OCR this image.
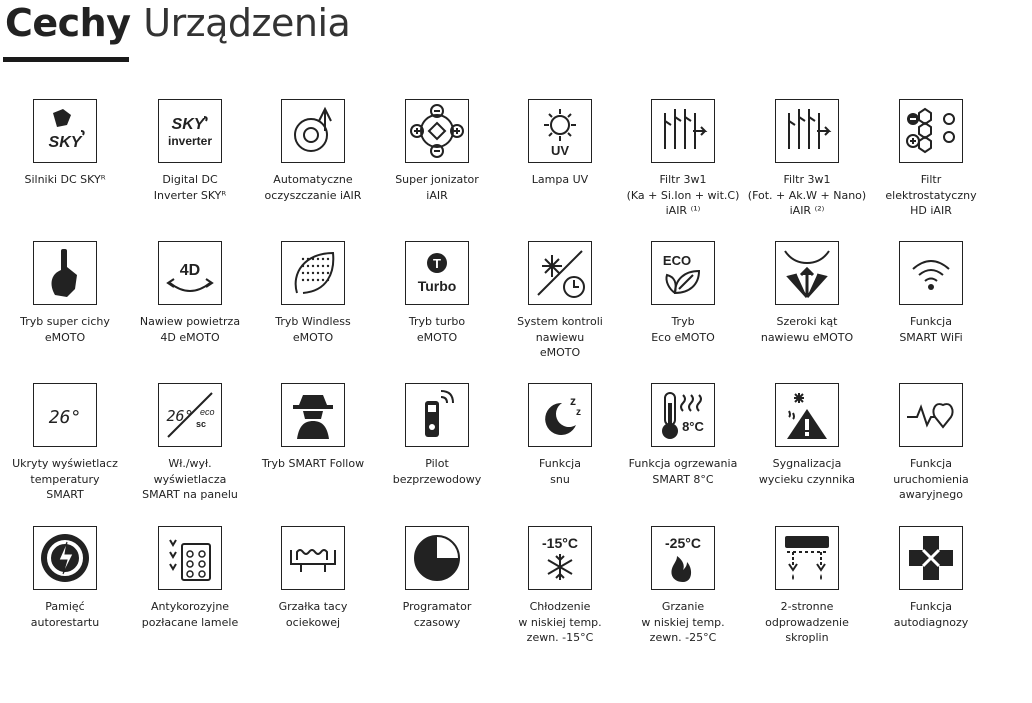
Cechy Urządzenia
SKY
Silniki DC SKYᴿ
SKY
inverter
Digital DC
Inverter SKYᴿ
Automatyczne
oczyszczanie iAIR
Super jonizator
iAIR
UV
Lampa UV	Filtr 3w1
(Ka + Si.Ion + wit.C)
iAIR ⁽¹⁾
Filtr 3w1
(Fot. + Ak.W + Nano)
iAIR ⁽²⁾
Filtr
elektrostatyczny
HD iAIR
Tryb super cichy
eMOTO
4D
Nawiew powietrza
4D eMOTO
Tryb Windless
eMOTO
T
Turbo
Tryb turbo
eMOTO
System kontroli
nawiewu
eMOTO
ECO
Tryb
Eco eMOTO
Szeroki kąt
nawiewu eMOTO
Funkcja
SMART WiFi
26°
Ukryty wyświetlacz
temperatury
SMART
26° eco
sc
Wł./wył.
wyświetlacza
SMART na panelu
Tryb SMART Follow	Pilot
bezprzewodowy
z
z
Funkcja
snu
8°C
Funkcja ogrzewania
SMART 8°C
Sygnalizacja
wycieku czynnika
Funkcja
uruchomienia
awaryjnego
Pamięć
autorestartu
Antykorozyjne
pozłacane lamele
Grzałka tacy
ociekowej
Programator
czasowy
-15°C
Chłodzenie
w niskiej temp.
zewn. -15°C
-25°C
Grzanie
w niskiej temp.
zewn. -25°C
2-stronne
odprowadzenie
skroplin
Funkcja
autodiagnozy
